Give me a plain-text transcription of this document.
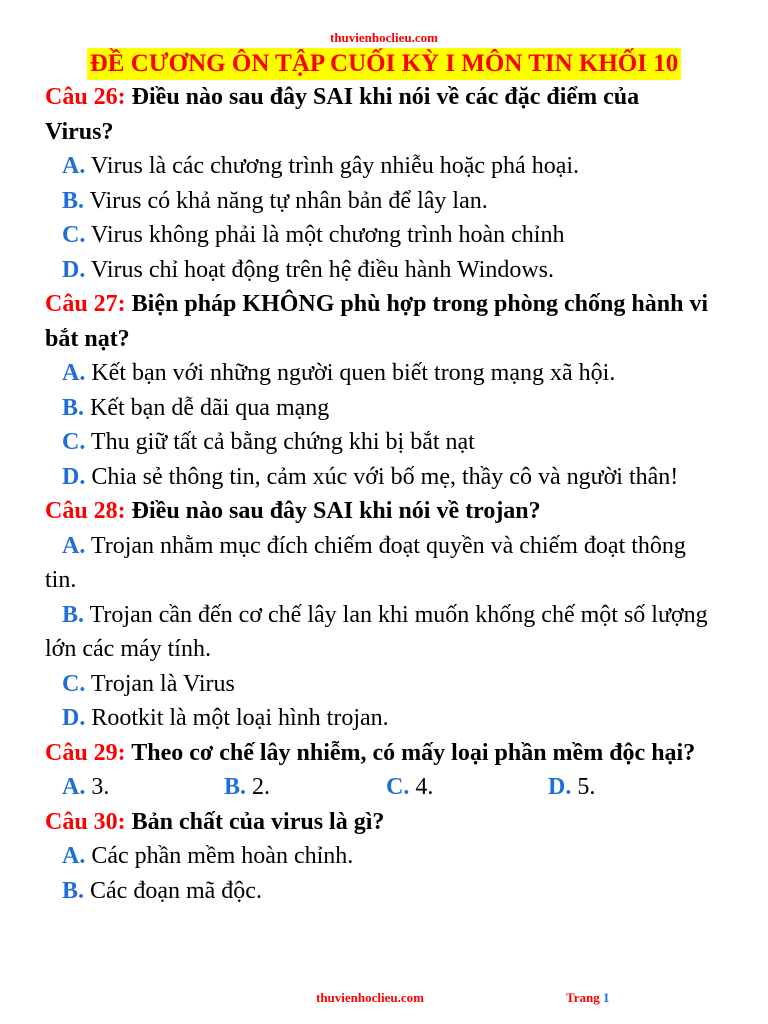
thuvienhoclieu.com
ĐỀ CƯƠNG ÔN TẬP CUỐI KỲ I MÔN TIN KHỐI 10

Câu 26: Điều nào sau đây SAI khi nói về các đặc điểm của Virus?

A. Virus là các chương trình gây nhiễu hoặc phá hoại.

B. Virus có khả năng tự nhân bản để lây lan.

C. Virus không phải là một chương trình hoàn chỉnh

D. Virus chỉ hoạt động trên hệ điều hành Windows.

Câu 27: Biện pháp KHÔNG phù hợp trong phòng chống hành vi bắt nạt?

A. Kết bạn với những người quen biết trong mạng xã hội.

B. Kết bạn dễ dãi qua mạng

C. Thu giữ tất cả bằng chứng khi bị bắt nạt

D. Chia sẻ thông tin, cảm xúc với bố mẹ, thầy cô và người thân!

Câu 28: Điều nào sau đây SAI khi nói về trojan?

A. Trojan nhằm mục đích chiếm đoạt quyền và chiếm đoạt thông tin.

B. Trojan cần đến cơ chế lây lan khi muốn khống chế một số lượng lớn các máy tính.

C. Trojan là Virus

D. Rootkit là một loại hình trojan.

Câu 29: Theo cơ chế lây nhiễm, có mấy loại phần mềm độc hại?

A. 3.	B. 2.	C. 4.	D. 5.

Câu 30: Bản chất của virus là gì?

A. Các phần mềm hoàn chỉnh.

B. Các đoạn mã độc.

thuvienhoclieu.com	Trang 1
